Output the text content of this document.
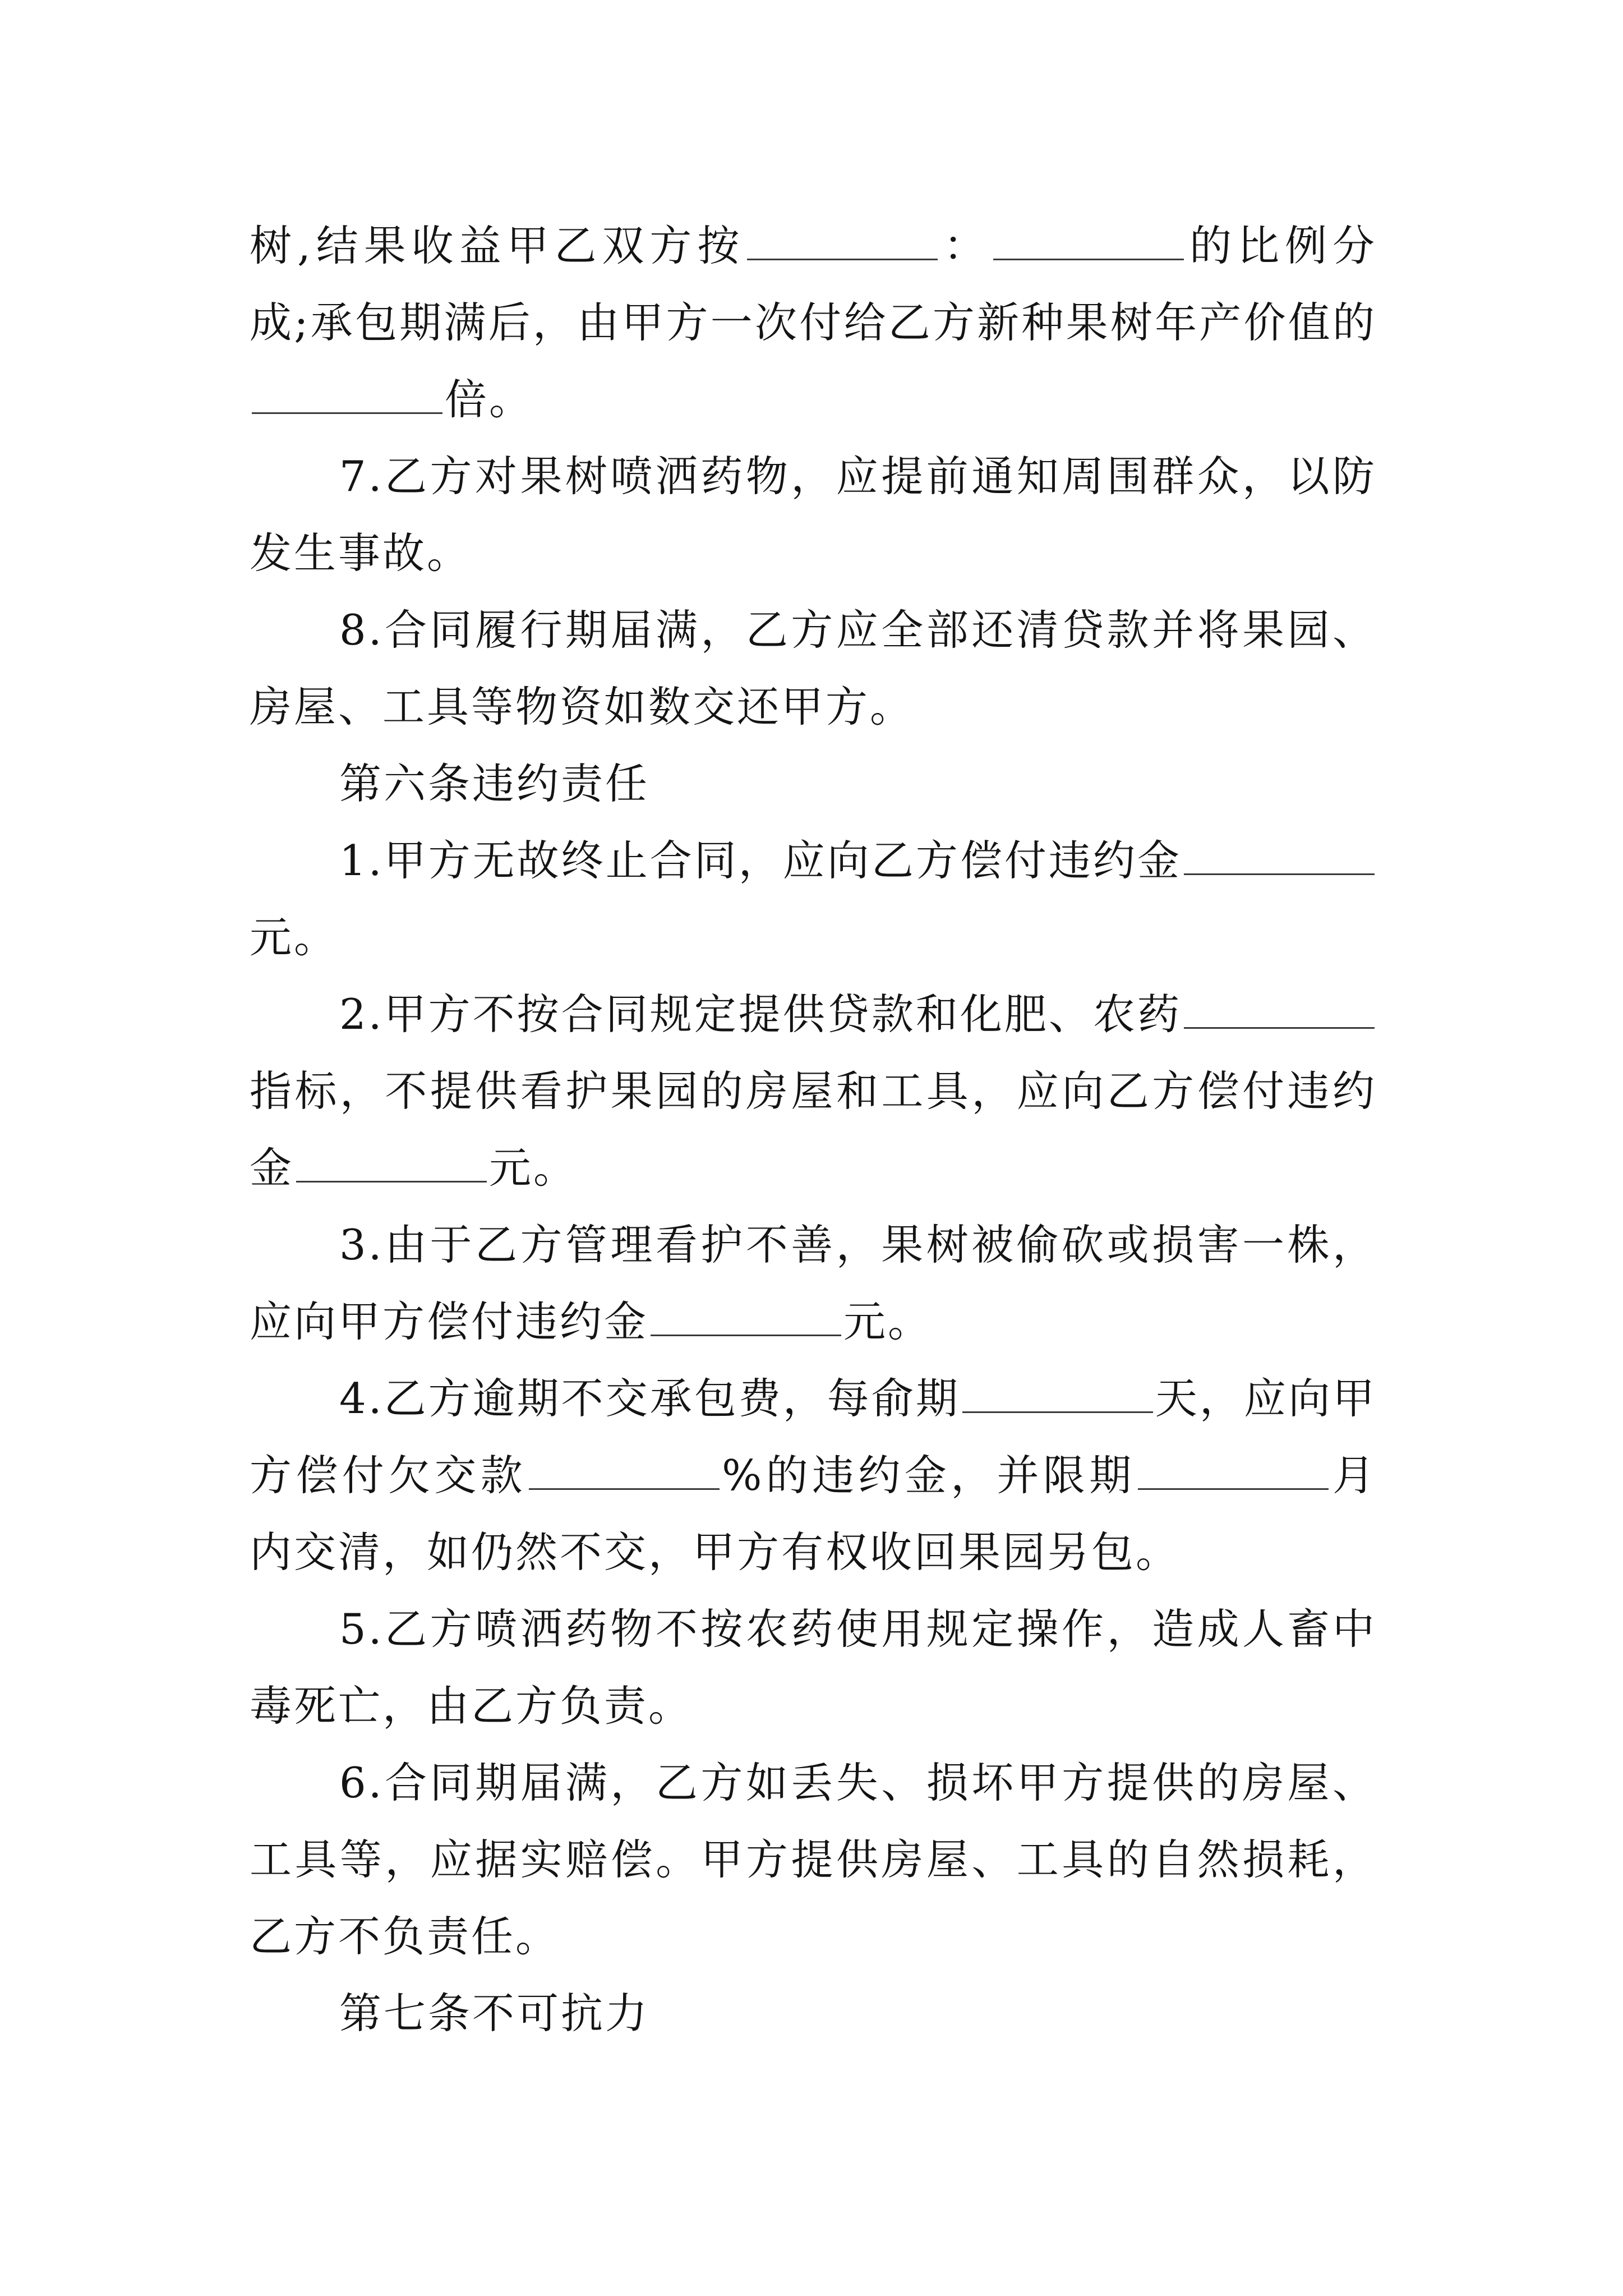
树,结果收益甲乙双方按	：	的比例分成;承包期满后，由甲方一次付给乙方新种果树年产价值的倍。

7.乙方对果树喷洒药物，应提前通知周围群众，以防发生事故。

8.合同履行期届满，乙方应全部还清贷款并将果园、房屋、工具等物资如数交还甲方。

第六条违约责任

1.甲方无故终止合同，应向乙方偿付违约金元。

2.甲方不按合同规定提供贷款和化肥、农药指标，不提供看护果园的房屋和工具，应向乙方偿付违约金	元。

3.由于乙方管理看护不善，果树被偷砍或损害一株，应向甲方偿付违约金	元。

4.乙方逾期不交承包费，每俞期	天，应向甲方偿付欠交款	%的违约金，并限期	月内交清，如仍然不交，甲方有权收回果园另包。

5.乙方喷洒药物不按农药使用规定操作，造成人畜中毒死亡，由乙方负责。

6.合同期届满，乙方如丢失、损坏甲方提供的房屋、工具等，应据实赔偿。甲方提供房屋、工具的自然损耗，乙方不负责任。

第七条不可抗力
